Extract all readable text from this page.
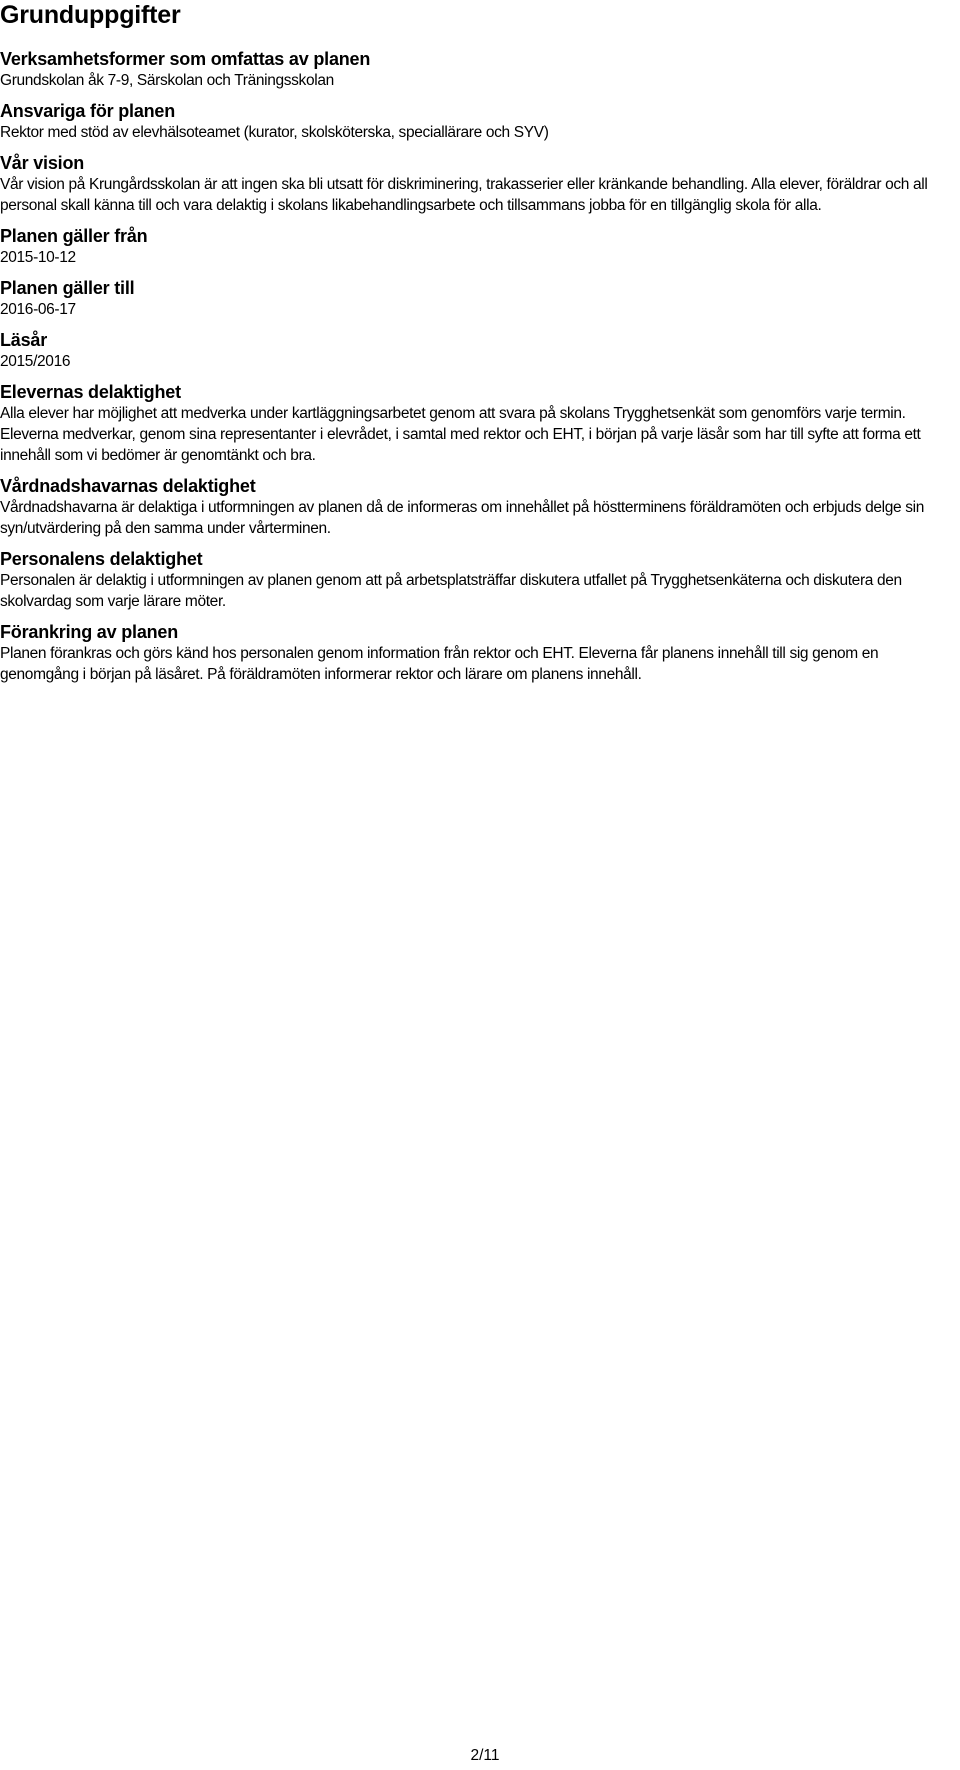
Grunduppgifter
Verksamhetsformer som omfattas av planen

Grundskolan åk 7-9, Särskolan och Träningsskolan

Ansvariga för planen

Rektor med stöd av elevhälsoteamet (kurator, skolsköterska, speciallärare och SYV)

Vår vision

Vår vision på Krungårdsskolan är att ingen ska bli utsatt för diskriminering, trakasserier eller kränkande behandling. Alla elever, föräldrar och all personal skall känna till och vara delaktig i skolans likabehandlingsarbete och tillsammans jobba för en tillgänglig skola för alla.

Planen gäller från

2015-10-12

Planen gäller till

2016-06-17

Läsår

2015/2016

Elevernas delaktighet

Alla elever har möjlighet att medverka under kartläggningsarbetet genom att svara på skolans Trygghetsenkät som genomförs varje termin. Eleverna medverkar, genom sina representanter i elevrådet, i samtal med rektor och EHT, i början på varje läsår som har till syfte att forma ett innehåll som vi bedömer är genomtänkt och bra.

Vårdnadshavarnas delaktighet

Vårdnadshavarna är delaktiga i utformningen av planen då de informeras om innehållet på höstterminens föräldramöten och erbjuds delge sin syn/utvärdering på den samma under vårterminen.

Personalens delaktighet

Personalen är delaktig i utformningen av planen genom att på arbetsplatsträffar diskutera utfallet på Trygghetsenkäterna och diskutera den skolvardag som varje lärare möter.

Förankring av planen

Planen förankras och görs känd hos personalen genom information från rektor och EHT. Eleverna får planens innehåll till sig genom en genomgång i början på läsåret. På föräldramöten informerar rektor och lärare om planens innehåll.

2/11
